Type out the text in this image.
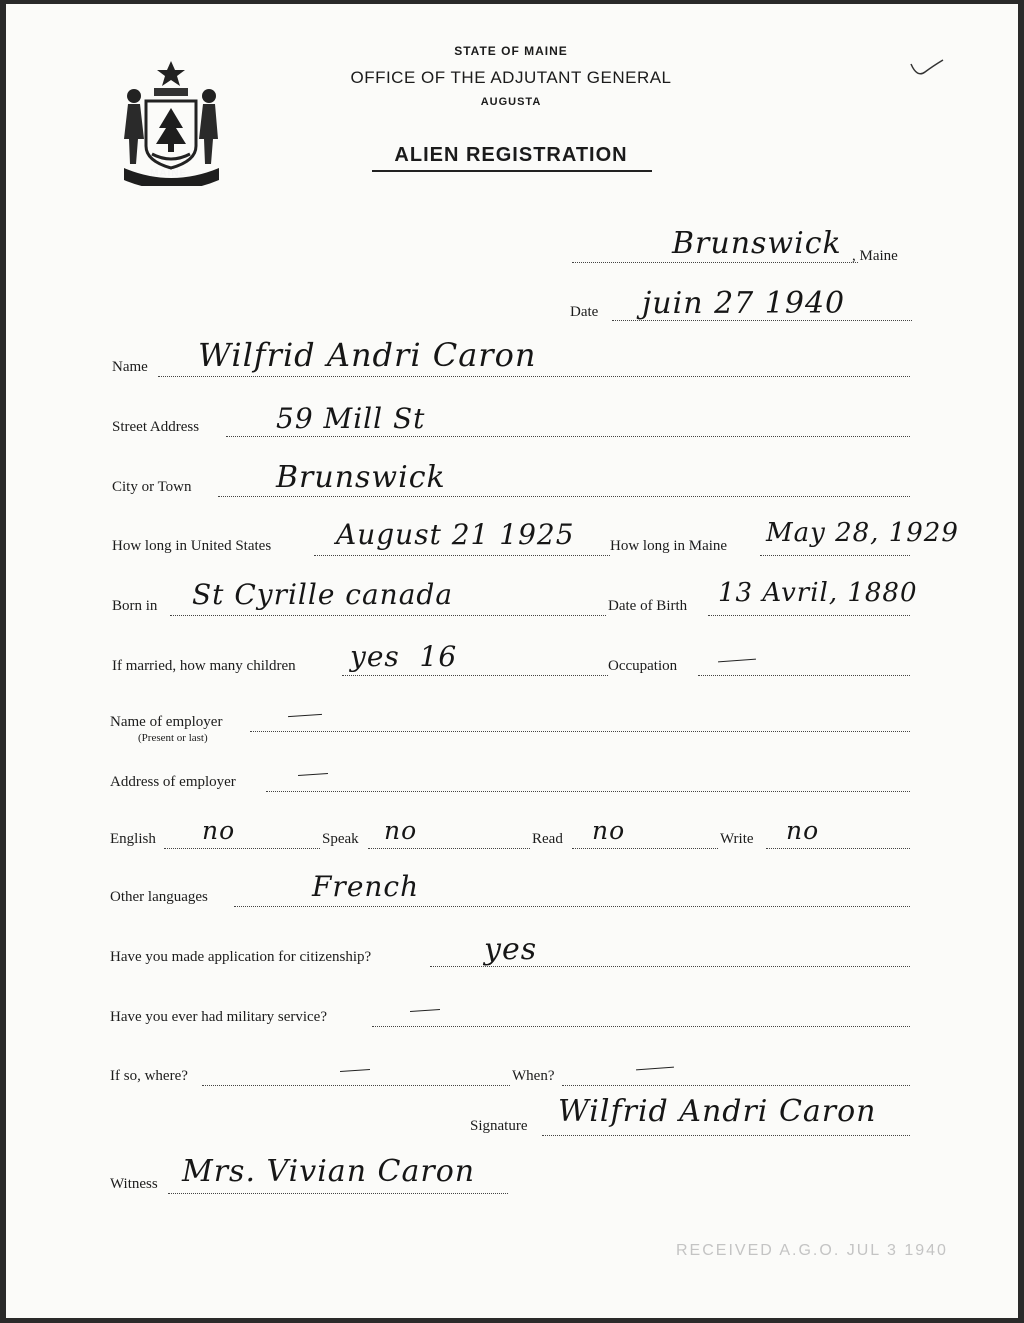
MAINE
STATE OF MAINE
OFFICE OF THE ADJUTANT GENERAL
AUGUSTA
ALIEN REGISTRATION
Brunswick , Maine
Date juin 27 1940
Name Wilfrid Andri Caron
Street Address	59 Mill St
City or Town	Brunswick
How long in United States August 21 1925 How long in Maine May 28, 1929
Born in St Cyrille canada	Date of Birth 13 Avril, 1880
If married, how many children yes  16	Occupation
Name of employer
(Present or last)
Address of employer
English no	Speak no	Read no	Write no
Other languages	French
Have you made application for citizenship?	yes
Have you ever had military service?
If so, where?	When?
Signature Wilfrid Andri Caron
Witness Mrs. Vivian Caron
RECEIVED A.G.O. JUL 3 1940
